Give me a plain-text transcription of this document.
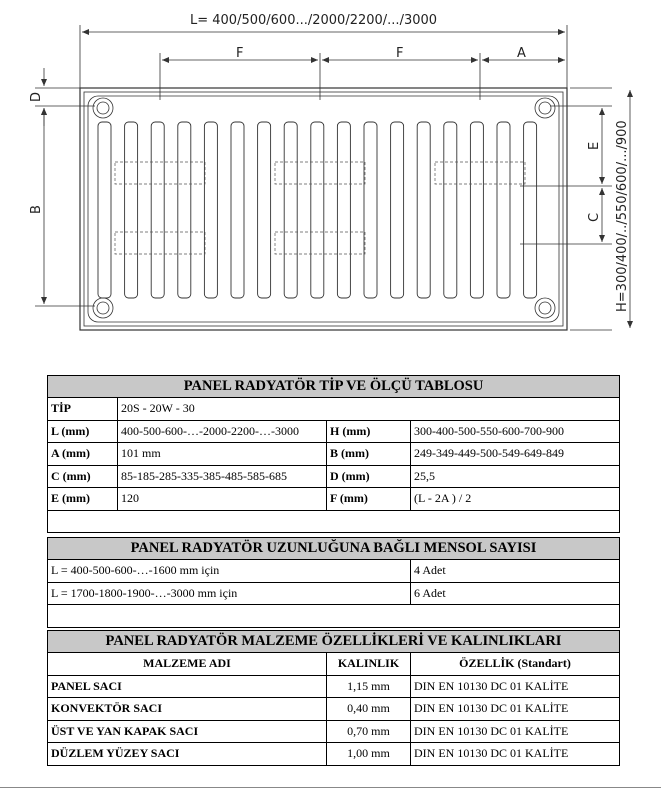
L= 400/500/600.../2000/2200/.../3000
F	F	A
D
B
E
C H=300/400/../550/600/.../900
PANEL RADYATÖR TİP VE ÖLÇÜ TABLOSU			
TİP	20S - 20W - 30		
L (mm)	400-500-600-…-2000-2200-…-3000	H (mm)	300-400-500-550-600-700-900
A (mm)	101 mm	B (mm)	249-349-449-500-549-649-849
C (mm)	85-185-285-335-385-485-585-685	D (mm)	25,5
E (mm)	120	F (mm)	(L - 2A ) / 2

PANEL RADYATÖR UZUNLUĞUNA BAĞLI MENSOL SAYISI	
L = 400-500-600-…-1600 mm için	4 Adet
L = 1700-1800-1900-…-3000 mm için	6 Adet

PANEL RADYATÖR MALZEME ÖZELLİKLERİ VE KALINLIKLARI		
MALZEME ADI	KALINLIK	ÖZELLİK (Standart)
PANEL SACI	1,15 mm	DIN EN 10130 DC 01 KALİTE
KONVEKTÖR SACI	0,40 mm	DIN EN 10130 DC 01 KALİTE
ÜST VE YAN KAPAK SACI	0,70 mm	DIN EN 10130 DC 01 KALİTE
DÜZLEM YÜZEY SACI	1,00 mm	DIN EN 10130 DC 01 KALİTE
